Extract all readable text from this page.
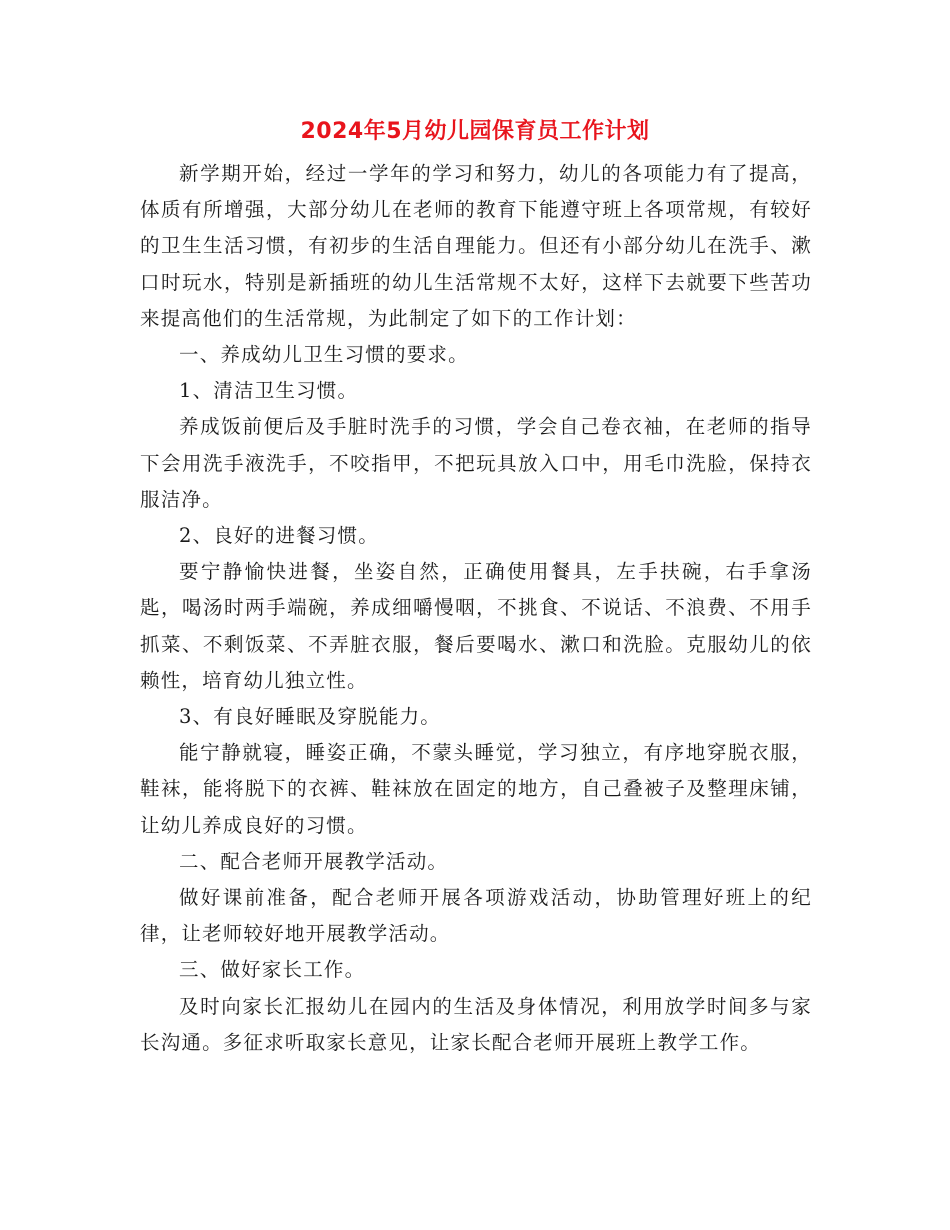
2024年5月幼儿园保育员工作计划

新学期开始，经过一学年的学习和努力，幼儿的各项能力有了提高，体质有所增强，大部分幼儿在老师的教育下能遵守班上各项常规，有较好的卫生生活习惯，有初步的生活自理能力。但还有小部分幼儿在洗手、漱口时玩水，特别是新插班的幼儿生活常规不太好，这样下去就要下些苦功来提高他们的生活常规，为此制定了如下的工作计划：

一、养成幼儿卫生习惯的要求。

1、清洁卫生习惯。

养成饭前便后及手脏时洗手的习惯，学会自己卷衣袖，在老师的指导下会用洗手液洗手，不咬指甲，不把玩具放入口中，用毛巾洗脸，保持衣服洁净。

2、良好的进餐习惯。

要宁静愉快进餐，坐姿自然，正确使用餐具，左手扶碗，右手拿汤匙，喝汤时两手端碗，养成细嚼慢咽，不挑食、不说话、不浪费、不用手抓菜、不剩饭菜、不弄脏衣服，餐后要喝水、漱口和洗脸。克服幼儿的依赖性，培育幼儿独立性。

3、有良好睡眠及穿脱能力。

能宁静就寝，睡姿正确，不蒙头睡觉，学习独立，有序地穿脱衣服，鞋袜，能将脱下的衣裤、鞋袜放在固定的地方，自己叠被子及整理床铺，让幼儿养成良好的习惯。

二、配合老师开展教学活动。

做好课前准备，配合老师开展各项游戏活动，协助管理好班上的纪律，让老师较好地开展教学活动。

三、做好家长工作。

及时向家长汇报幼儿在园内的生活及身体情况，利用放学时间多与家长沟通。多征求听取家长意见，让家长配合老师开展班上教学工作。
